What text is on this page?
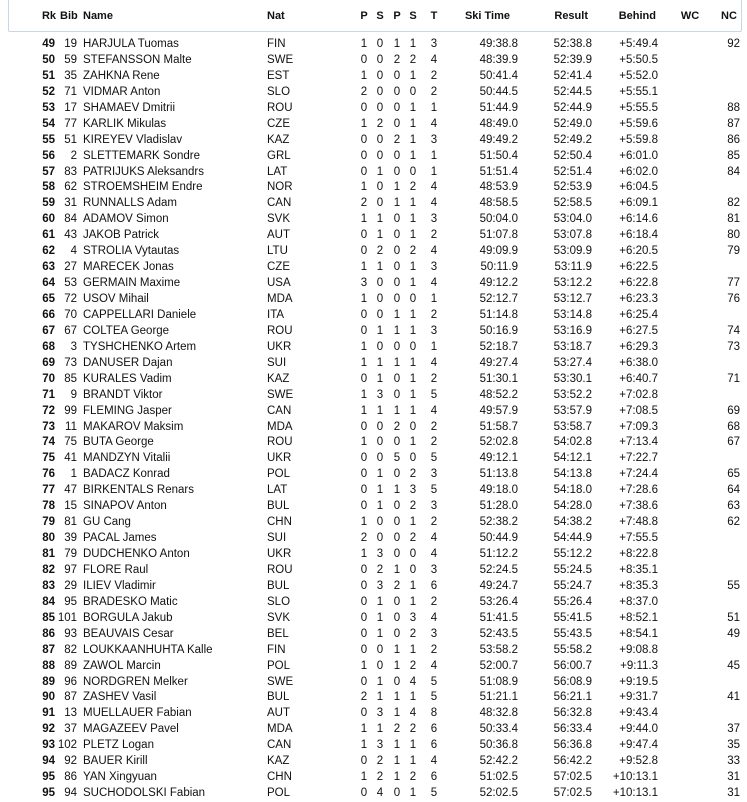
Rk Bib Name	Nat	P S P S T	Ski Time	Result	Behind	WC	NC
49 19 HARJULA Tuomas	FIN	1 0 1 1 3	49:38.8	52:38.8	+5:49.4	92
50 59 STEFANSSON Malte	SWE	0 0 2 2 4	48:39.9	52:39.9	+5:50.5
51 35 ZAHKNA Rene	EST	1 0 0 1 2	50:41.4	52:41.4	+5:52.0
52 71 VIDMAR Anton	SLO	2 0 0 0 2	50:44.5	52:44.5	+5:55.1
53 17 SHAMAEV Dmitrii	ROU	0 0 0 1 1	51:44.9	52:44.9	+5:55.5	88
54 77 KARLIK Mikulas	CZE	1 2 0 1 4	48:49.0	52:49.0	+5:59.6	87
55 51 KIREYEV Vladislav	KAZ	0 0 2 1 3	49:49.2	52:49.2	+5:59.8	86
56	2 SLETTEMARK Sondre	GRL	0 0 0 1 1	51:50.4	52:50.4	+6:01.0	85
57 83 PATRIJUKS Aleksandrs	LAT	0 1 0 0 1	51:51.4	52:51.4	+6:02.0	84
58 62 STROEMSHEIM Endre	NOR	1 0 1 2 4	48:53.9	52:53.9	+6:04.5
59 31 RUNNALLS Adam	CAN	2 0 1 1 4	48:58.5	52:58.5	+6:09.1	82
60 84 ADAMOV Simon	SVK	1 1 0 1 3	50:04.0	53:04.0	+6:14.6	81
61 43 JAKOB Patrick	AUT	0 1 0 1 2	51:07.8	53:07.8	+6:18.4	80
62	4 STROLIA Vytautas	LTU	0 2 0 2 4	49:09.9	53:09.9	+6:20.5	79
63 27 MARECEK Jonas	CZE	1 1 0 1 3	50:11.9	53:11.9	+6:22.5
64 53 GERMAIN Maxime	USA	3 0 0 1 4	49:12.2	53:12.2	+6:22.8	77
65 72 USOV Mihail	MDA	1 0 0 0 1	52:12.7	53:12.7	+6:23.3	76
66 70 CAPPELLARI Daniele	ITA	0 0 1 1 2	51:14.8	53:14.8	+6:25.4
67 67 COLTEA George	ROU	0 1 1 1 3	50:16.9	53:16.9	+6:27.5	74
68	3 TYSHCHENKO Artem	UKR	1 0 0 0 1	52:18.7	53:18.7	+6:29.3	73
69 73 DANUSER Dajan	SUI	1 1 1 1 4	49:27.4	53:27.4	+6:38.0
70 85 KURALES Vadim	KAZ	0 1 0 1 2	51:30.1	53:30.1	+6:40.7	71
71	9 BRANDT Viktor	SWE	1 3 0 1 5	48:52.2	53:52.2	+7:02.8
72 99 FLEMING Jasper	CAN	1 1 1 1 4	49:57.9	53:57.9	+7:08.5	69
73 11 MAKAROV Maksim	MDA	0 0 2 0 2	51:58.7	53:58.7	+7:09.3	68
74 75 BUTA George	ROU	1 0 0 1 2	52:02.8	54:02.8	+7:13.4	67
75 41 MANDZYN Vitalii	UKR	0 0 5 0 5	49:12.1	54:12.1	+7:22.7
76	1 BADACZ Konrad	POL	0 1 0 2 3	51:13.8	54:13.8	+7:24.4	65
77 47 BIRKENTALS Renars	LAT	0 1 1 3 5	49:18.0	54:18.0	+7:28.6	64
78 15 SINAPOV Anton	BUL	0 1 0 2 3	51:28.0	54:28.0	+7:38.6	63
79 81 GU Cang	CHN	1 0 0 1 2	52:38.2	54:38.2	+7:48.8	62
80 39 PACAL James	SUI	2 0 0 2 4	50:44.9	54:44.9	+7:55.5
81 79 DUDCHENKO Anton	UKR	1 3 0 0 4	51:12.2	55:12.2	+8:22.8
82 97 FLORE Raul	ROU	0 2 1 0 3	52:24.5	55:24.5	+8:35.1
83 29 ILIEV Vladimir	BUL	0 3 2 1 6	49:24.7	55:24.7	+8:35.3	55
84 95 BRADESKO Matic	SLO	0 1 0 1 2	53:26.4	55:26.4	+8:37.0
85 101 BORGULA Jakub	SVK	0 1 0 3 4	51:41.5	55:41.5	+8:52.1	51
86 93 BEAUVAIS Cesar	BEL	0 1 0 2 3	52:43.5	55:43.5	+8:54.1	49
87 82 LOUKKAANHUHTA Kalle	FIN	0 0 1 1 2	53:58.2	55:58.2	+9:08.8
88 89 ZAWOL Marcin	POL	1 0 1 2 4	52:00.7	56:00.7	+9:11.3	45
89 96 NORDGREN Melker	SWE	0 1 0 4 5	51:08.9	56:08.9	+9:19.5
90 87 ZASHEV Vasil	BUL	2 1 1 1 5	51:21.1	56:21.1	+9:31.7	41
91 13 MUELLAUER Fabian	AUT	0 3 1 4 8	48:32.8	56:32.8	+9:43.4
92 37 MAGAZEEV Pavel	MDA	1 1 2 2 6	50:33.4	56:33.4	+9:44.0	37
93 102 PLETZ Logan	CAN	1 3 1 1 6	50:36.8	56:36.8	+9:47.4	35
94 92 BAUER Kirill	KAZ	0 2 1 1 4	52:42.2	56:42.2	+9:52.8	33
95 86 YAN Xingyuan	CHN	1 2 1 2 6	51:02.5	57:02.5	+10:13.1	31
95 94 SUCHODOLSKI Fabian	POL	0 4 0 1 5	52:02.5	57:02.5	+10:13.1	31
